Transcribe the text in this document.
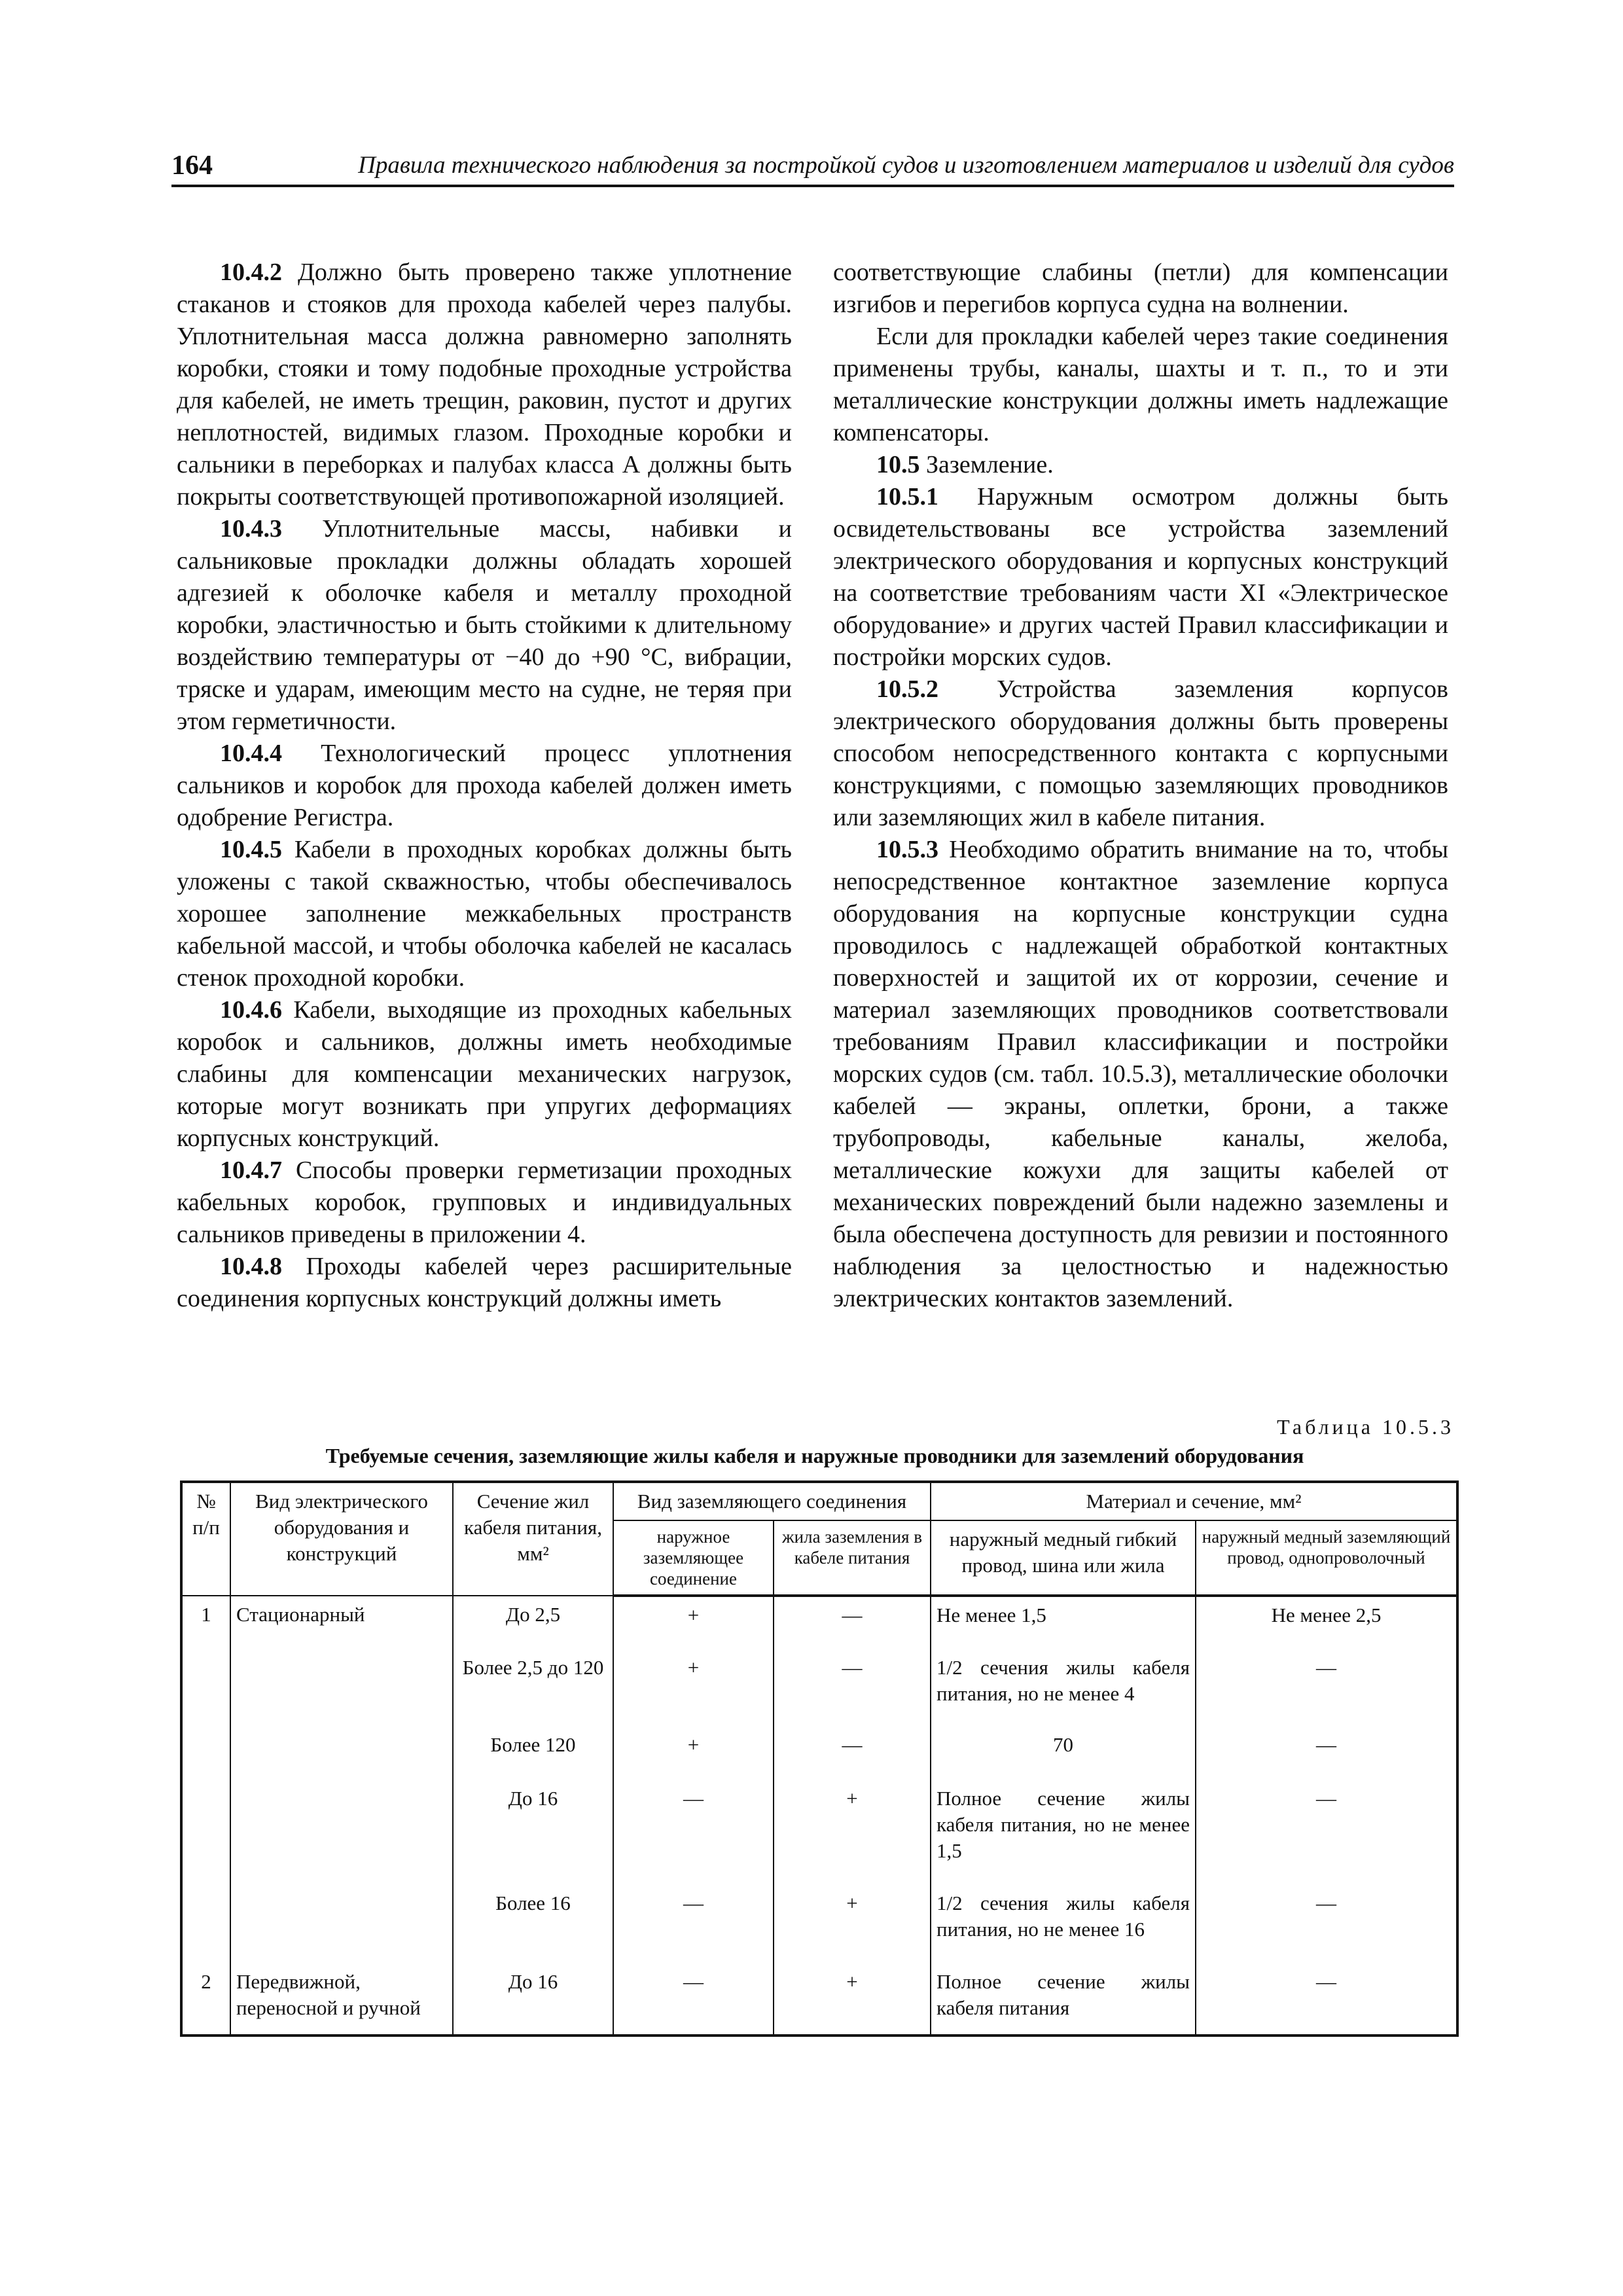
164	Правила технического наблюдения за постройкой судов и изготовлением материалов и изделий для судов

10.4.2 Должно быть проверено также уплотнение стаканов и стояков для прохода кабелей через палубы. Уплотнительная масса должна равномерно заполнять коробки, стояки и тому подобные проходные устройства для кабелей, не иметь трещин, раковин, пустот и других неплотностей, видимых глазом. Проходные коробки и сальники в переборках и палубах класса А должны быть покрыты соответствующей противопожарной изоляцией.

10.4.3 Уплотнительные массы, набивки и сальниковые прокладки должны обладать хорошей адгезией к оболочке кабеля и металлу проходной коробки, эластичностью и быть стойкими к длительному воздействию температуры от −40 до +90 °C, вибрации, тряске и ударам, имеющим место на судне, не теряя при этом герметичности.

10.4.4 Технологический процесс уплотнения сальников и коробок для прохода кабелей должен иметь одобрение Регистра.

10.4.5 Кабели в проходных коробках должны быть уложены с такой скважностью, чтобы обеспечивалось хорошее заполнение межкабельных пространств кабельной массой, и чтобы оболочка кабелей не касалась стенок проходной коробки.

10.4.6 Кабели, выходящие из проходных кабельных коробок и сальников, должны иметь необходимые слабины для компенсации механических нагрузок, которые могут возникать при упругих деформациях корпусных конструкций.

10.4.7 Способы проверки герметизации проходных кабельных коробок, групповых и индивидуальных сальников приведены в приложении 4.

10.4.8 Проходы кабелей через расширительные соединения корпусных конструкций должны иметь

соответствующие слабины (петли) для компенсации изгибов и перегибов корпуса судна на волнении.

Если для прокладки кабелей через такие соединения применены трубы, каналы, шахты и т. п., то и эти металлические конструкции должны иметь надлежащие компенсаторы.

10.5 Заземление.

10.5.1 Наружным осмотром должны быть освидетельствованы все устройства заземлений электрического оборудования и корпусных конструкций на соответствие требованиям части XI «Электрическое оборудование» и других частей Правил классификации и постройки морских судов.

10.5.2 Устройства заземления корпусов электрического оборудования должны быть проверены способом непосредственного контакта с корпусными конструкциями, с помощью заземляющих проводников или заземляющих жил в кабеле питания.

10.5.3 Необходимо обратить внимание на то, чтобы непосредственное контактное заземление корпуса оборудования на корпусные конструкции судна проводилось с надлежащей обработкой контактных поверхностей и защитой их от коррозии, сечение и материал заземляющих проводников соответствовали требованиям Правил классификации и постройки морских судов (см. табл. 10.5.3), металлические оболочки кабелей — экраны, оплетки, брони, а также трубопроводы, кабельные каналы, желоба, металлические кожухи для защиты кабелей от механических повреждений были надежно заземлены и была обеспечена доступность для ревизии и постоянного наблюдения за целостностью и надежностью электрических контактов заземлений.

Таблица 10.5.3
Требуемые сечения, заземляющие жилы кабеля и наружные проводники для заземлений оборудования
№ п/п	Вид электрического оборудования и конструкций	Сечение жил кабеля питания, мм²	Вид заземляющего соединения		Материал и сечение, мм²	
			наружное заземляющее соединение	жила заземления в кабеле питания	наружный медный гибкий провод, шина или жила	наружный медный заземляющий провод, однопроволочный
1	Стационарный	До 2,5	+	—	Не менее 1,5	Не менее 2,5
		Более 2,5 до 120	+	—	1/2 сечения жилы кабеля питания, но не менее 4	—
		Более 120	+	—	70	—
		До 16	—	+	Полное сечение жилы кабеля питания, но не менее 1,5	—
		Более 16	—	+	1/2 сечения жилы кабеля питания, но не менее 16	—
2	Передвижной, переносной и ручной	До 16	—	+	Полное сечение жилы кабеля питания	—
